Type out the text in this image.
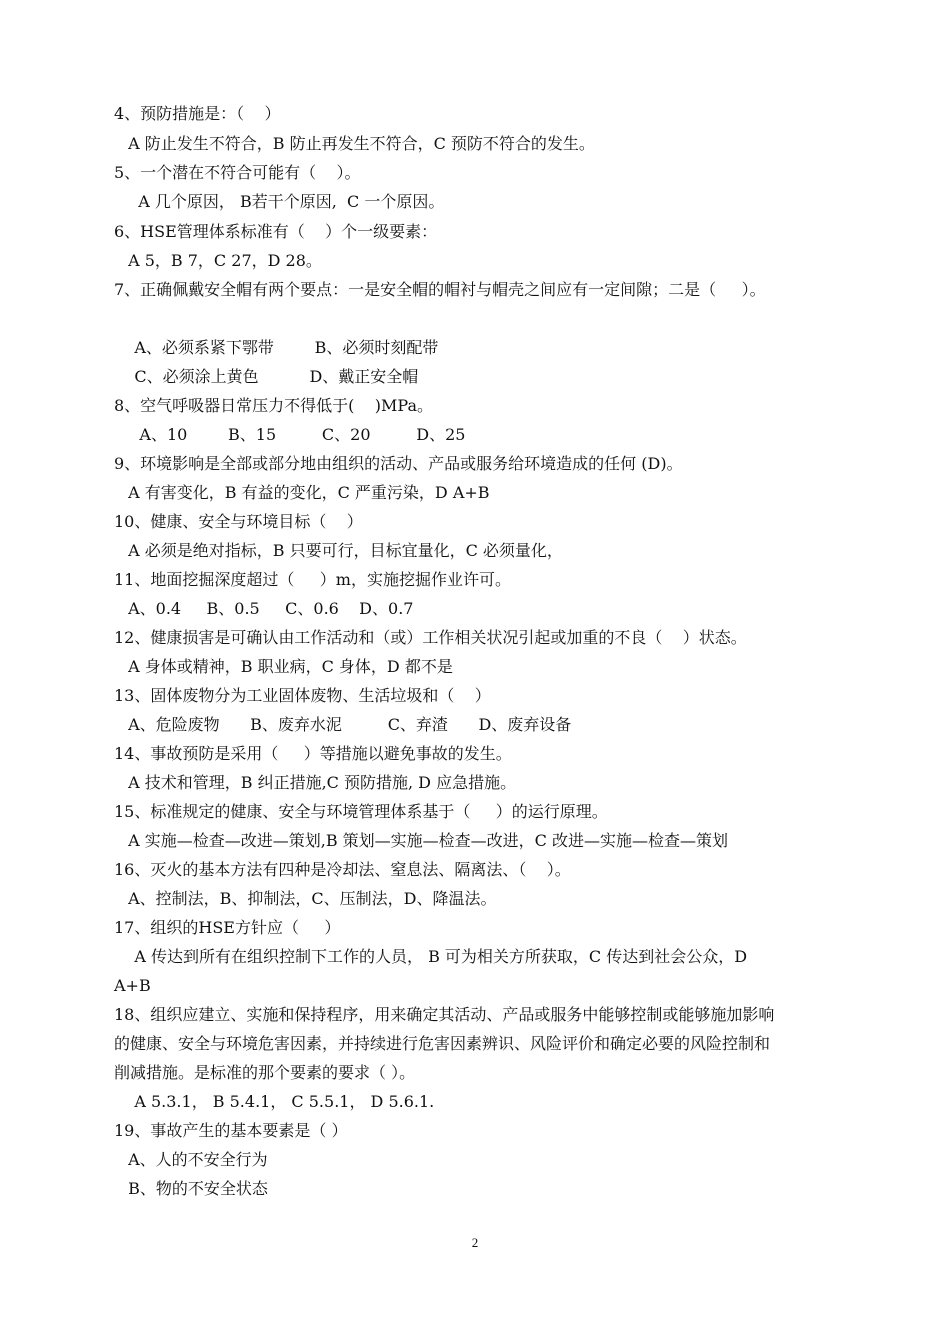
4、预防措施是：（    ）
A 防止发生不符合，B 防止再发生不符合，C 预防不符合的发生。
5、一个潜在不符合可能有（    ）。
A 几个原因， B若干个原因,  C 一个原因。
6、HSE管理体系标准有（    ）个一级要素：
A 5，B 7，C 27，D 28。
7、正确佩戴安全帽有两个要点：一是安全帽的帽衬与帽壳之间应有一定间隙；二是（     ）。
A、必须系紧下鄂带        B、必须时刻配带
C、必须涂上黄色          D、戴正安全帽
8、空气呼吸器日常压力不得低于(    )MPa。
A、10        B、15         C、20         D、25
9、环境影响是全部或部分地由组织的活动、产品或服务给环境造成的任何 (D)。
A 有害变化，B 有益的变化，C 严重污染，D A+B
10、健康、安全与环境目标（    ）
A 必须是绝对指标，B 只要可行，目标宜量化，C 必须量化，
11、地面挖掘深度超过（     ）m，实施挖掘作业许可。
A、0.4     B、0.5     C、0.6    D、0.7
12、健康损害是可确认由工作活动和（或）工作相关状况引起或加重的不良（    ）状态。
A 身体或精神，B 职业病，C 身体，D 都不是
13、固体废物分为工业固体废物、生活垃圾和（    ）
A、危险废物      B、废弃水泥         C、弃渣      D、废弃设备
14、事故预防是采用（     ）等措施以避免事故的发生。
A 技术和管理，B 纠正措施,C 预防措施, D 应急措施。
15、标准规定的健康、安全与环境管理体系基于（     ）的运行原理。
A 实施—检查—改进—策划,B 策划—实施—检查—改进，C 改进—实施—检查—策划
16、灭火的基本方法有四种是冷却法、窒息法、隔离法、（    ）。
A、控制法，B、抑制法，C、压制法，D、降温法。
17、组织的HSE方针应（     ）
A 传达到所有在组织控制下工作的人员， B 可为相关方所获取，C 传达到社会公众，D
A+B
18、组织应建立、实施和保持程序，用来确定其活动、产品或服务中能够控制或能够施加影响
的健康、安全与环境危害因素，并持续进行危害因素辨识、风险评价和确定必要的风险控制和
削减措施。是标准的那个要素的要求（ ）。
A 5.3.1， B 5.4.1， C 5.5.1， D 5.6.1.
19、事故产生的基本要素是（ ）
A、人的不安全行为
B、物的不安全状态
2
